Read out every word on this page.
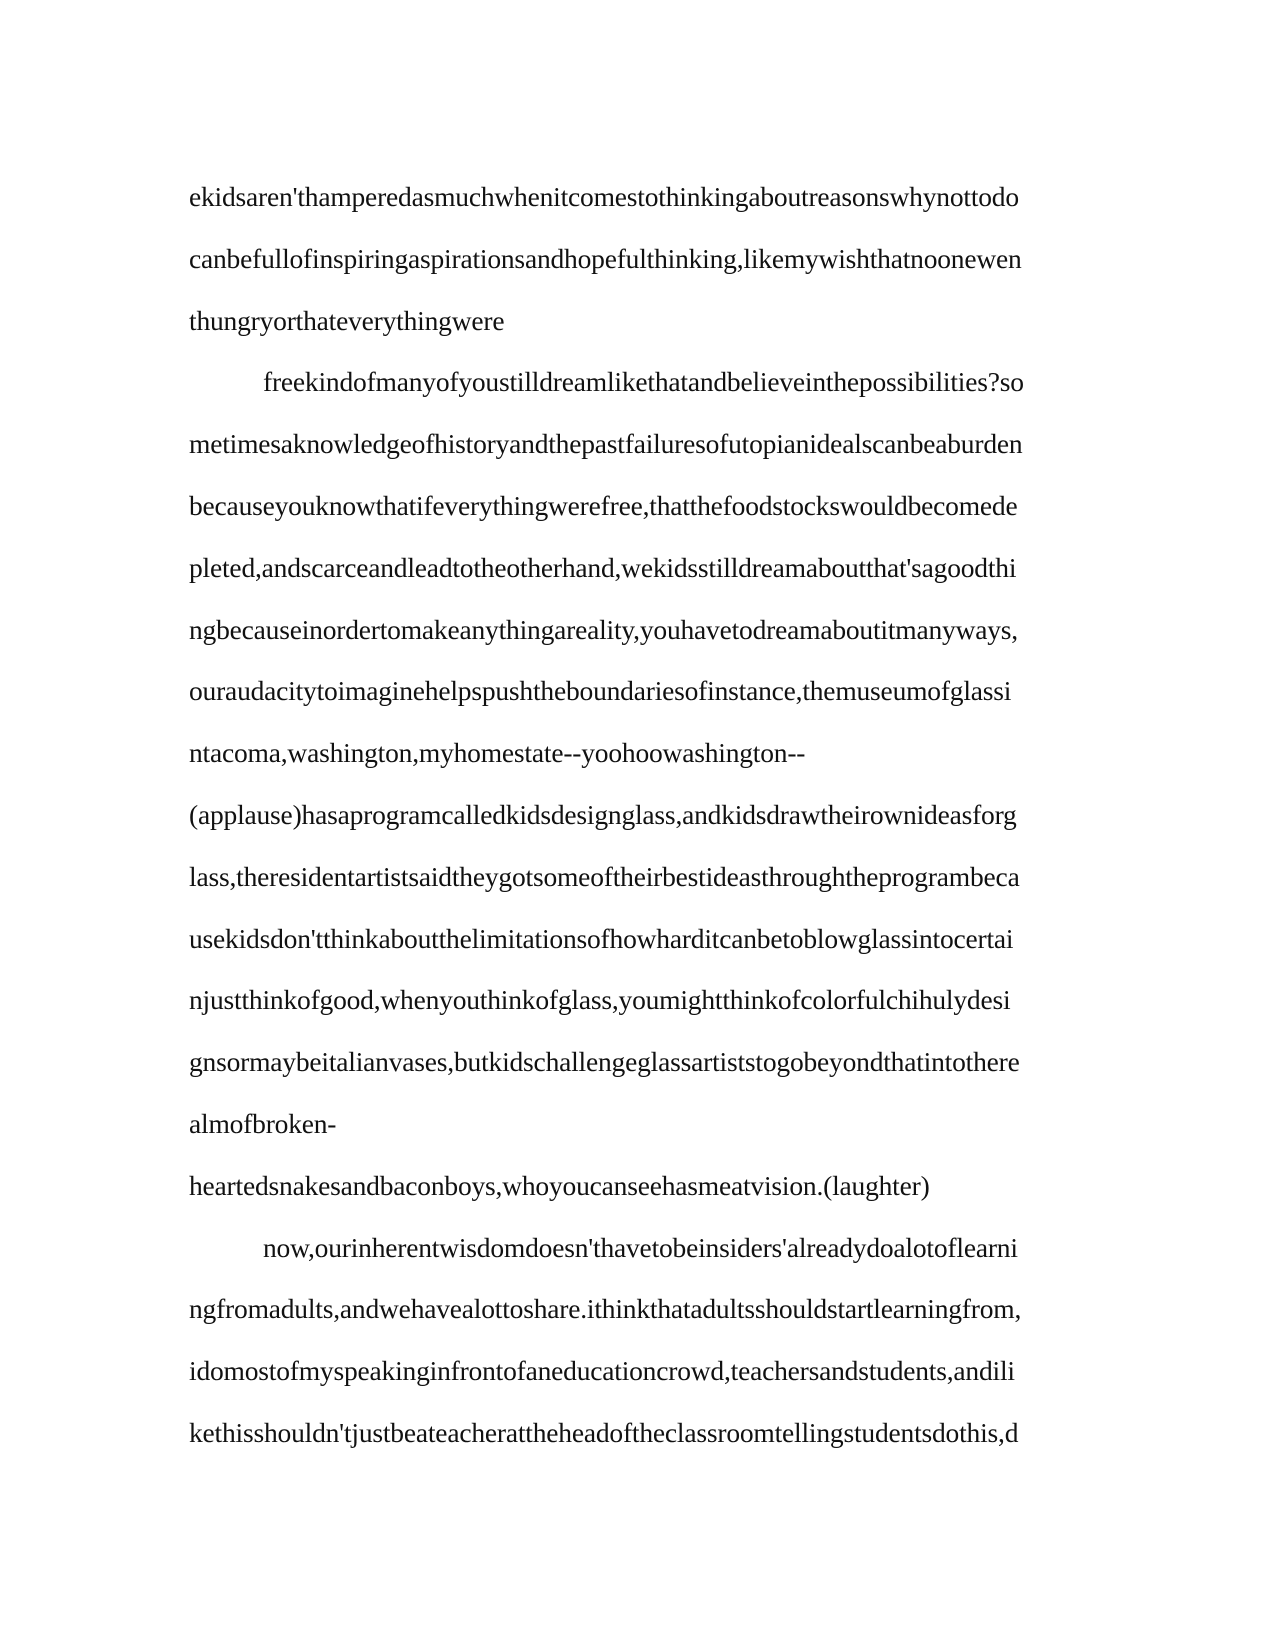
ekidsaren'thamperedasmuchwhenitcomestothinkingaboutreasonswhynottodo
canbefullofinspiringaspirationsandhopefulthinking,likemywishthatnoonewen
thungryorthateverythingwere
freekindofmanyofyoustilldreamlikethatandbelieveinthepossibilities?so
metimesaknowledgeofhistoryandthepastfailuresofutopianidealscanbeaburden
becauseyouknowthatifeverythingwerefree,thatthefoodstockswouldbecomede
pleted,andscarceandleadtotheotherhand,wekidsstilldreamaboutthat'sagoodthi
ngbecauseinordertomakeanythingareality,youhavetodreamaboutitmanyways,
ouraudacitytoimaginehelpspushtheboundariesofinstance,themuseumofglassi
ntacoma,washington,myhomestate--yoohoowashington--
(applause)hasaprogramcalledkidsdesignglass,andkidsdrawtheirownideasforg
lass,theresidentartistsaidtheygotsomeoftheirbestideasthroughtheprogrambeca
usekidsdon'tthinkaboutthelimitationsofhowharditcanbetoblowglassintocertai
njustthinkofgood,whenyouthinkofglass,youmightthinkofcolorfulchihulydesi
gnsormaybeitalianvases,butkidschallengeglassartiststogobeyondthatintothere
almofbroken-
heartedsnakesandbaconboys,whoyoucanseehasmeatvision.(laughter)
now,ourinherentwisdomdoesn'thavetobeinsiders'alreadydoalotoflearni
ngfromadults,andwehavealottoshare.ithinkthatadultsshouldstartlearningfrom,
idomostofmyspeakinginfrontofaneducationcrowd,teachersandstudents,andili
kethisshouldn'tjustbeateacherattheheadoftheclassroomtellingstudentsdothis,d
